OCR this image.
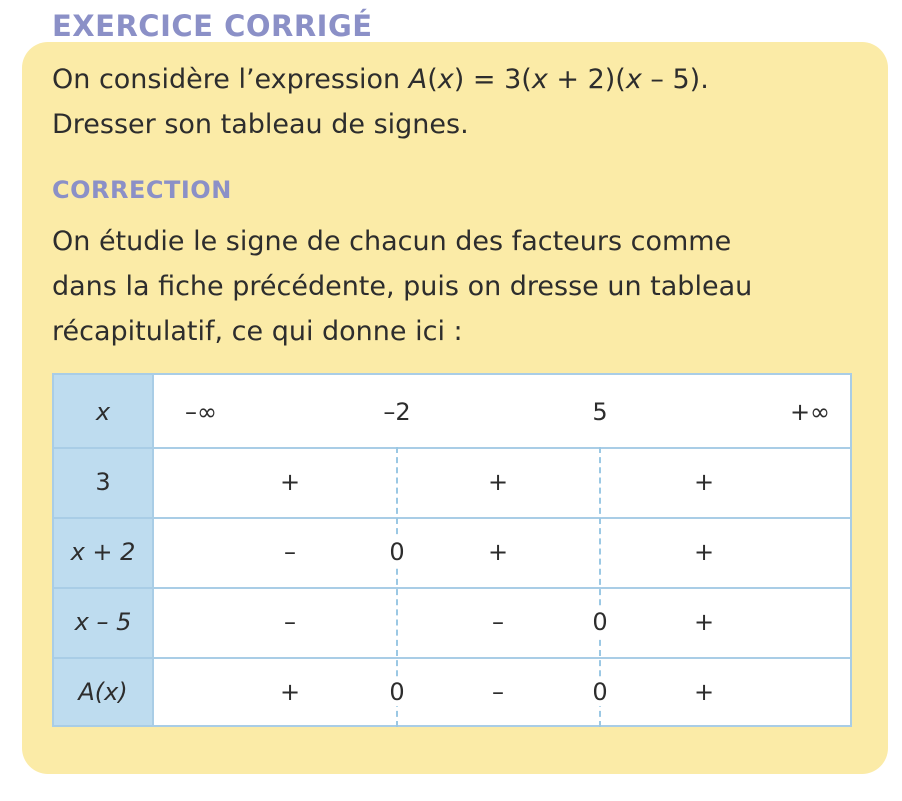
EXERCICE CORRIGÉ
On considère l’expression A(x) = 3(x + 2)(x – 5).
Dresser son tableau de signes.
CORRECTION
On étudie le signe de chacun des facteurs comme
dans la fiche précédente, puis on dresse un tableau
récapitulatif, ce qui donne ici :
x	–∞	–2	5	+∞
3	+	+	+
x + 2	–	0	+	+
x – 5	–	–	0	+
A(x)	+	0	–	0	+
